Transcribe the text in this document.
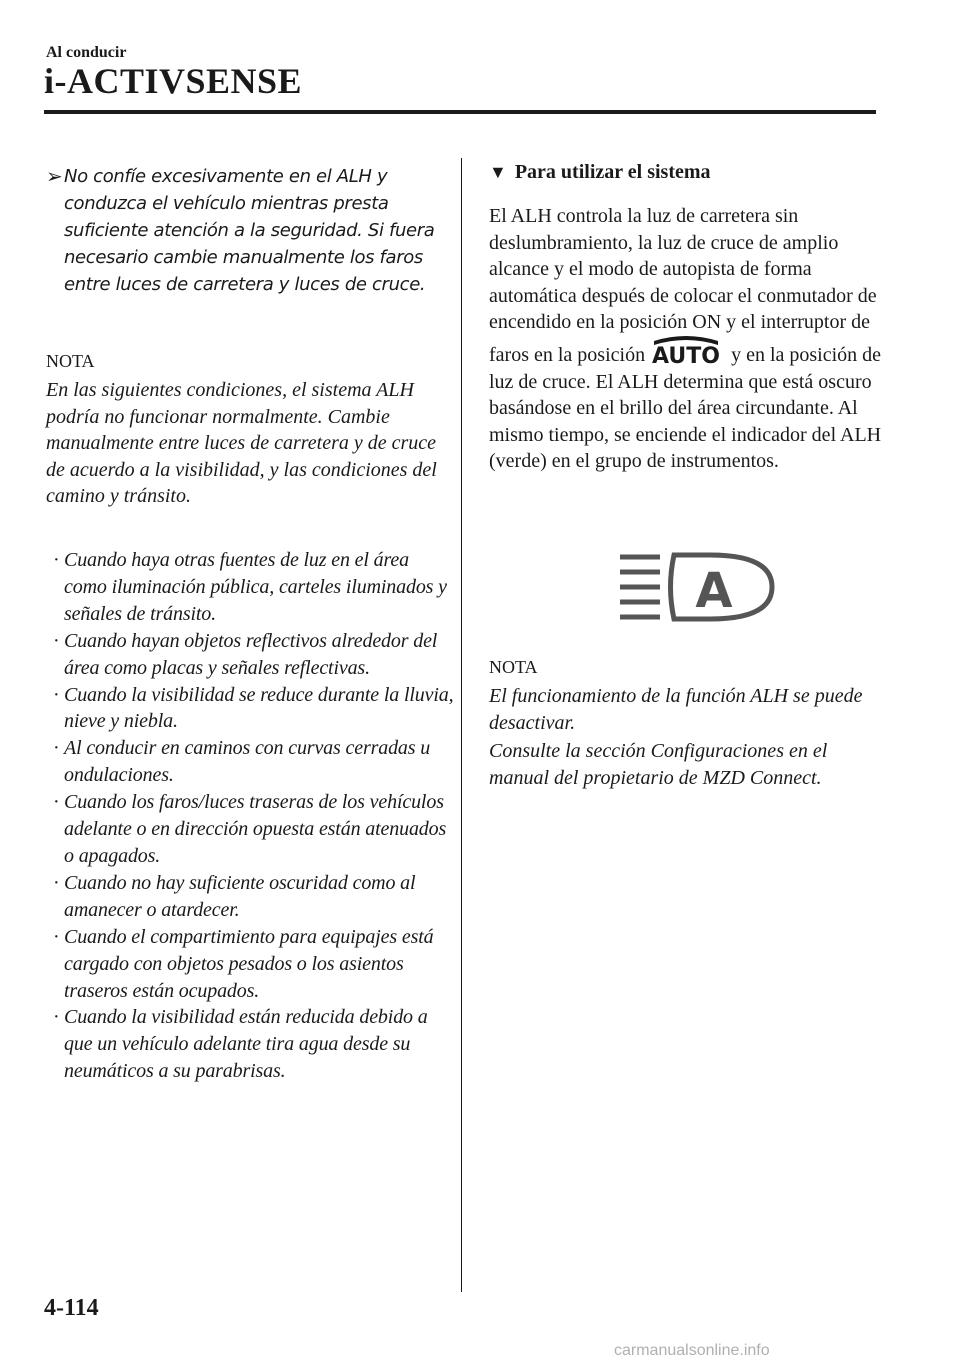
Al conducir
i-ACTIVSENSE
➢ No confíe excesivamente en el ALH y conduzca el vehículo mientras presta suficiente atención a la seguridad. Si fuera necesario cambie manualmente los faros entre luces de carretera y luces de cruce.
NOTA
En las siguientes condiciones, el sistema ALH podría no funcionar normalmente. Cambie manualmente entre luces de carretera y de cruce de acuerdo a la visibilidad, y las condiciones del camino y tránsito.
· Cuando haya otras fuentes de luz en el área como iluminación pública, carteles iluminados y señales de tránsito.
· Cuando hayan objetos reflectivos alrededor del área como placas y señales reflectivas.
· Cuando la visibilidad se reduce durante la lluvia, nieve y niebla.
· Al conducir en caminos con curvas cerradas u ondulaciones.
· Cuando los faros/luces traseras de los vehículos adelante o en dirección opuesta están atenuados o apagados.
· Cuando no hay suficiente oscuridad como al amanecer o atardecer.
· Cuando el compartimiento para equipajes está cargado con objetos pesados o los asientos traseros están ocupados.
· Cuando la visibilidad están reducida debido a que un vehículo adelante tira agua desde su neumáticos a su parabrisas.
▼ Para utilizar el sistema
El ALH controla la luz de carretera sin deslumbramiento, la luz de cruce de amplio alcance y el modo de autopista de forma automática después de colocar el conmutador de encendido en la posición ON y el interruptor de faros en la posición AUTO y en la posición de luz de cruce. El ALH determina que está oscuro basándose en el brillo del área circundante. Al mismo tiempo, se enciende el indicador del ALH (verde) en el grupo de instrumentos.
A
NOTA
El funcionamiento de la función ALH se puede desactivar.
Consulte la sección Configuraciones en el manual del propietario de MZD Connect.
4-114
carmanualsonline.info
